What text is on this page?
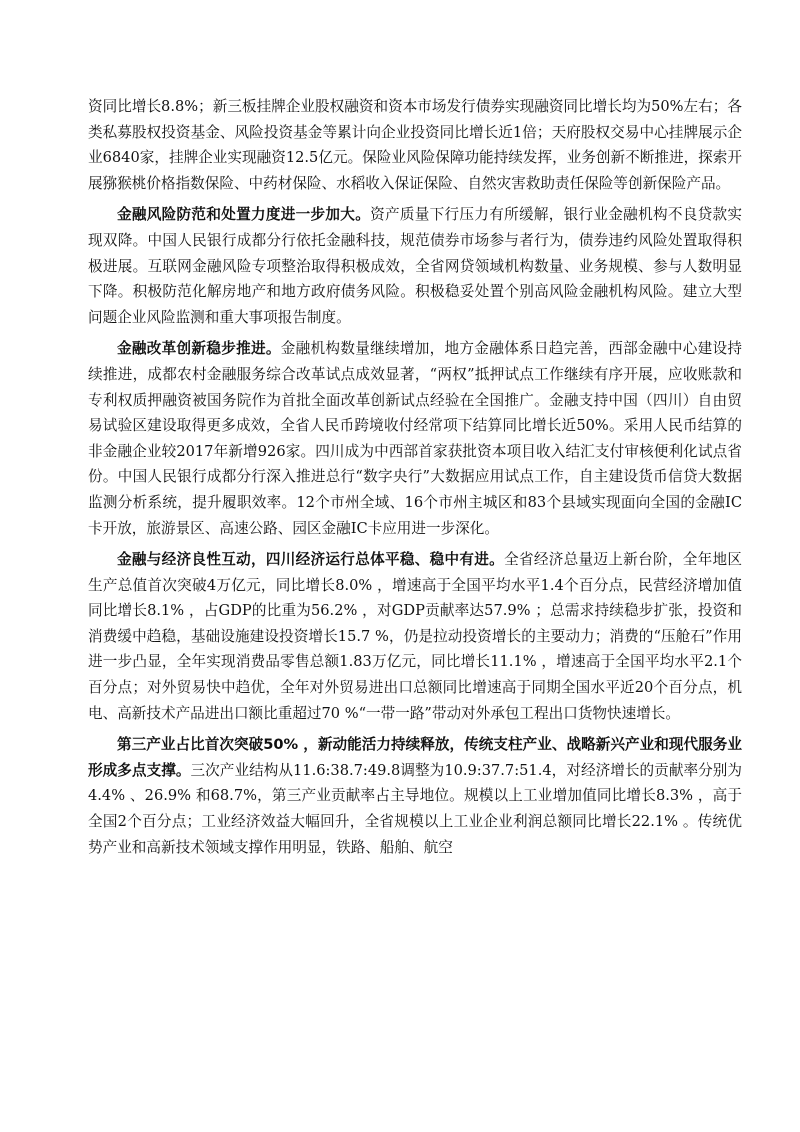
资同比增长8.8%；新三板挂牌企业股权融资和资本市场发行债券实现融资同比增长均为50%左右；各类私募股权投资基金、风险投资基金等累计向企业投资同比增长近1倍；天府股权交易中心挂牌展示企业6840家，挂牌企业实现融资12.5亿元。保险业风险保障功能持续发挥，业务创新不断推进，探索开展猕猴桃价格指数保险、中药材保险、水稻收入保证保险、自然灾害救助责任保险等创新保险产品。

金融风险防范和处置力度进一步加大。资产质量下行压力有所缓解，银行业金融机构不良贷款实现双降。中国人民银行成都分行依托金融科技，规范债券市场参与者行为，债券违约风险处置取得积极进展。互联网金融风险专项整治取得积极成效，全省网贷领域机构数量、业务规模、参与人数明显下降。积极防范化解房地产和地方政府债务风险。积极稳妥处置个别高风险金融机构风险。建立大型问题企业风险监测和重大事项报告制度。

金融改革创新稳步推进。金融机构数量继续增加，地方金融体系日趋完善，西部金融中心建设持续推进，成都农村金融服务综合改革试点成效显著，“两权”抵押试点工作继续有序开展，应收账款和专利权质押融资被国务院作为首批全面改革创新试点经验在全国推广。金融支持中国（四川）自由贸易试验区建设取得更多成效，全省人民币跨境收付经常项下结算同比增长近50%。采用人民币结算的非金融企业较2017年新增926家。四川成为中西部首家获批资本项目收入结汇支付审核便利化试点省份。中国人民银行成都分行深入推进总行“数字央行”大数据应用试点工作，自主建设货币信贷大数据监测分析系统，提升履职效率。12个市州全域、16个市州主城区和83个县域实现面向全国的金融IC卡开放，旅游景区、高速公路、园区金融IC卡应用进一步深化。

金融与经济良性互动，四川经济运行总体平稳、稳中有进。全省经济总量迈上新台阶，全年地区生产总值首次突破4万亿元，同比增长8.0% ，增速高于全国平均水平1.4个百分点，民营经济增加值同比增长8.1% ，占GDP的比重为56.2% ，对GDP贡献率达57.9% ；总需求持续稳步扩张，投资和消费缓中趋稳，基础设施建设投资增长15.7 %，仍是拉动投资增长的主要动力；消费的“压舱石”作用进一步凸显，全年实现消费品零售总额1.83万亿元，同比增长11.1% ，增速高于全国平均水平2.1个百分点；对外贸易快中趋优，全年对外贸易进出口总额同比增速高于同期全国水平近20个百分点，机电、高新技术产品进出口额比重超过70 %“一带一路”带动对外承包工程出口货物快速增长。

第三产业占比首次突破50% ，新动能活力持续释放，传统支柱产业、战略新兴产业和现代服务业形成多点支撑。三次产业结构从11.6:38.7:49.8调整为10.9:37.7:51.4，对经济增长的贡献率分别为4.4% 、26.9% 和68.7%，第三产业贡献率占主导地位。规模以上工业增加值同比增长8.3% ，高于全国2个百分点；工业经济效益大幅回升，全省规模以上工业企业利润总额同比增长22.1% 。传统优势产业和高新技术领域支撑作用明显，铁路、船舶、航空
